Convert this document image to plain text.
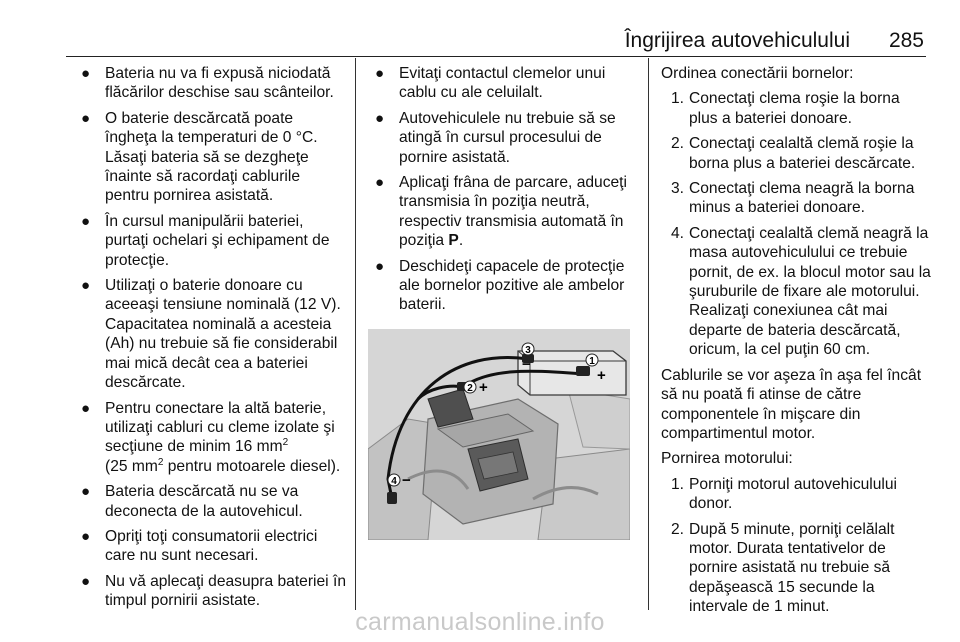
Îngrijirea autovehiculului 285
● Bateria nu va fi expusă niciodată flăcărilor deschise sau scânteilor.
● O baterie descărcată poate îngheţa la temperaturi de 0 °C. Lăsaţi bateria să se dezgheţe înainte să racordaţi cablurile pentru pornirea asistată.
● În cursul manipulării bateriei, purtaţi ochelari şi echipament de protecţie.
● Utilizaţi o baterie donoare cu aceeaşi tensiune nominală (12 V). Capacitatea nominală a acesteia (Ah) nu trebuie să fie considerabil mai mică decât cea a bateriei descărcate.
● Pentru conectare la altă baterie, utilizaţi cabluri cu cleme izolate şi secţiune de minim 16 $mm^2$
(25 $mm^2$ pentru motoarele diesel).
● Bateria descărcată nu se va deconecta de la autovehicul.
● Opriţi toţi consumatorii electrici care nu sunt necesari.
● Nu vă aplecaţi deasupra bateriei în timpul pornirii asistate.
● Evitaţi contactul clemelor unui cablu cu ale celuilalt.
● Autovehiculele nu trebuie să se atingă în cursul procesului de pornire asistată.
● Aplicaţi frâna de parcare, aduceţi transmisia în poziţia neutră, respectiv transmisia automată în poziţia P.
● Deschideţi capacele de protecţie ale bornelor pozitive ale ambelor baterii.
1
+
3
−
2 +
4 −

Ordinea conectării bornelor:

1. Conectaţi clema roşie la borna plus a bateriei donoare.
2. Conectaţi cealaltă clemă roşie la borna plus a bateriei descărcate.
3. Conectaţi clema neagră la borna minus a bateriei donoare.
4. Conectaţi cealaltă clemă neagră la masa autovehiculului ce trebuie pornit, de ex. la blocul motor sau la şuruburile de fixare ale motorului. Realizaţi conexiunea cât mai departe de bateria descărcată, oricum, la cel puţin 60 cm.

Cablurile se vor aşeza în aşa fel încât să nu poată fi atinse de către componentele în mişcare din compartimentul motor.

Pornirea motorului:

1. Porniţi motorul autovehiculului donor.
2. După 5 minute, porniţi celălalt motor. Durata tentativelor de pornire asistată nu trebuie să depăşească 15 secunde la intervale de 1 minut.
carmanualsonline.info
